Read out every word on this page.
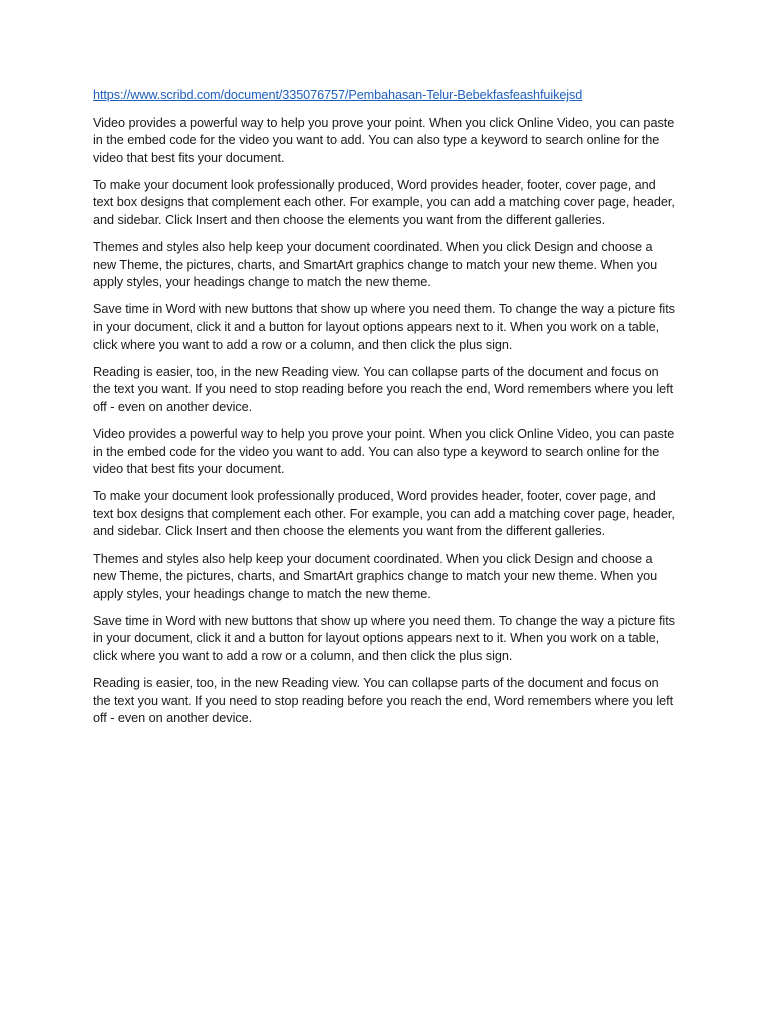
https://www.scribd.com/document/335076757/Pembahasan-Telur-Bebekfasfeashfuikejsd

Video provides a powerful way to help you prove your point. When you click Online Video, you can paste in the embed code for the video you want to add. You can also type a keyword to search online for the video that best fits your document.

To make your document look professionally produced, Word provides header, footer, cover page, and text box designs that complement each other. For example, you can add a matching cover page, header, and sidebar. Click Insert and then choose the elements you want from the different galleries.

Themes and styles also help keep your document coordinated. When you click Design and choose a new Theme, the pictures, charts, and SmartArt graphics change to match your new theme. When you apply styles, your headings change to match the new theme.

Save time in Word with new buttons that show up where you need them. To change the way a picture fits in your document, click it and a button for layout options appears next to it. When you work on a table, click where you want to add a row or a column, and then click the plus sign.

Reading is easier, too, in the new Reading view. You can collapse parts of the document and focus on the text you want. If you need to stop reading before you reach the end, Word remembers where you left off - even on another device.

Video provides a powerful way to help you prove your point. When you click Online Video, you can paste in the embed code for the video you want to add. You can also type a keyword to search online for the video that best fits your document.

To make your document look professionally produced, Word provides header, footer, cover page, and text box designs that complement each other. For example, you can add a matching cover page, header, and sidebar. Click Insert and then choose the elements you want from the different galleries.

Themes and styles also help keep your document coordinated. When you click Design and choose a new Theme, the pictures, charts, and SmartArt graphics change to match your new theme. When you apply styles, your headings change to match the new theme.

Save time in Word with new buttons that show up where you need them. To change the way a picture fits in your document, click it and a button for layout options appears next to it. When you work on a table, click where you want to add a row or a column, and then click the plus sign.

Reading is easier, too, in the new Reading view. You can collapse parts of the document and focus on the text you want. If you need to stop reading before you reach the end, Word remembers where you left off - even on another device.
